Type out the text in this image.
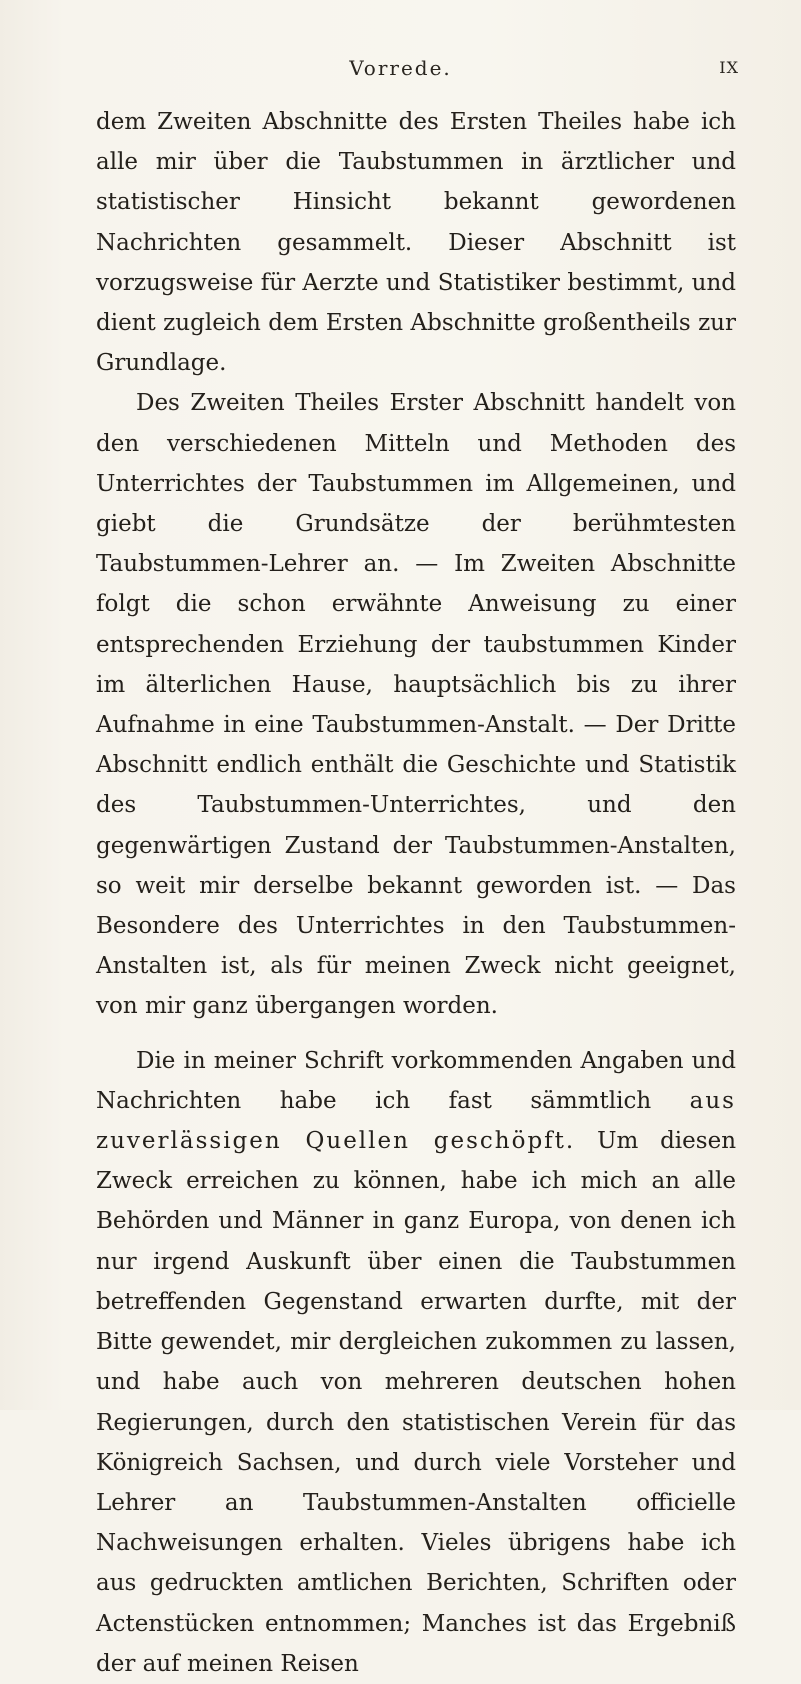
Vorrede.	IX

dem Zweiten Abschnitte des Ersten Theiles habe ich alle mir über die Taubstummen in ärztlicher und statistischer Hinsicht bekannt gewordenen Nachrichten gesammelt. Dieser Abschnitt ist vorzugsweise für Aerzte und Statistiker bestimmt, und dient zugleich dem Ersten Abschnitte großentheils zur Grundlage.

Des Zweiten Theiles Erster Abschnitt handelt von den verschiedenen Mitteln und Methoden des Unterrichtes der Taubstummen im Allgemeinen, und giebt die Grundsätze der berühmtesten Taubstummen-Lehrer an. — Im Zweiten Abschnitte folgt die schon erwähnte Anweisung zu einer entsprechenden Erziehung der taubstummen Kinder im älterlichen Hause, hauptsächlich bis zu ihrer Aufnahme in eine Taubstummen-Anstalt. — Der Dritte Abschnitt endlich enthält die Geschichte und Statistik des Taubstummen-Unterrichtes, und den gegenwärtigen Zustand der Taubstummen-Anstalten, so weit mir derselbe bekannt geworden ist. — Das Besondere des Unterrichtes in den Taubstummen-Anstalten ist, als für meinen Zweck nicht geeignet, von mir ganz übergangen worden.

Die in meiner Schrift vorkommenden Angaben und Nachrichten habe ich fast sämmtlich aus zuverlässigen Quellen geschöpft. Um diesen Zweck erreichen zu können, habe ich mich an alle Behörden und Männer in ganz Europa, von denen ich nur irgend Auskunft über einen die Taubstummen betreffenden Gegenstand erwarten durfte, mit der Bitte gewendet, mir dergleichen zukommen zu lassen, und habe auch von mehreren deutschen hohen Regierungen, durch den statistischen Verein für das Königreich Sachsen, und durch viele Vorsteher und Lehrer an Taubstummen-Anstalten officielle Nachweisungen erhalten. Vieles übrigens habe ich aus gedruckten amtlichen Berichten, Schriften oder Actenstücken entnommen; Manches ist das Ergebniß der auf meinen Reisen
